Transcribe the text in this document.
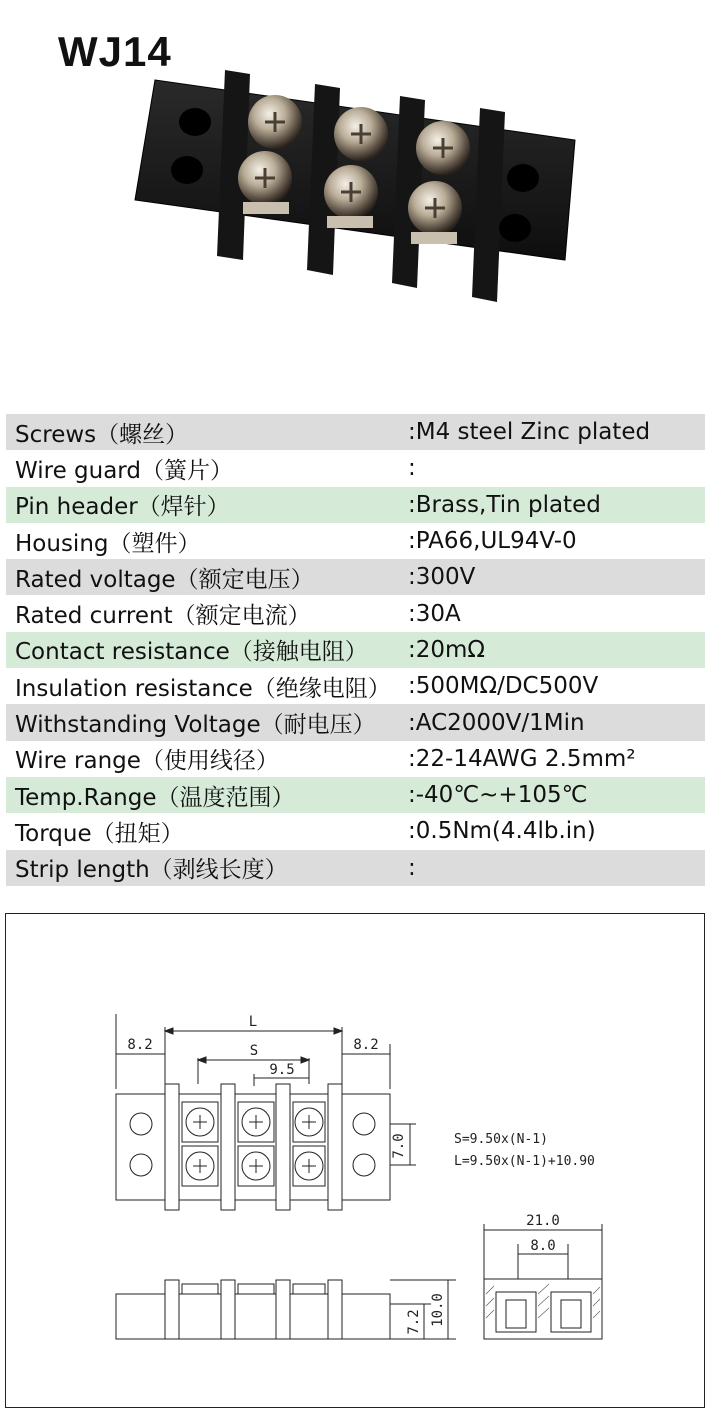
WJ14
Screws（螺丝）	:M4 steel Zinc plated
Wire guard（簧片）	:
Pin header（焊针）	:Brass,Tin plated
Housing（塑件）	:PA66,UL94V-0
Rated voltage（额定电压）	:300V
Rated current（额定电流）	:30A
Contact resistance（接触电阻）	:20mΩ
Insulation resistance（绝缘电阻） :500MΩ/DC500V
Withstanding Voltage（耐电压）	:AC2000V/1Min
Wire range（使用线径）	:22-14AWG 2.5mm²
Temp.Range（温度范围）	:-40℃~+105℃
Torque（扭矩）	:0.5Nm(4.4lb.in)
Strip length（剥线长度）	:
L
S
8.2	8.2
9.5
7.0	S=9.50x(N-1)
L=9.50x(N-1)+10.90
21.0
8.0
7.2 10.0
